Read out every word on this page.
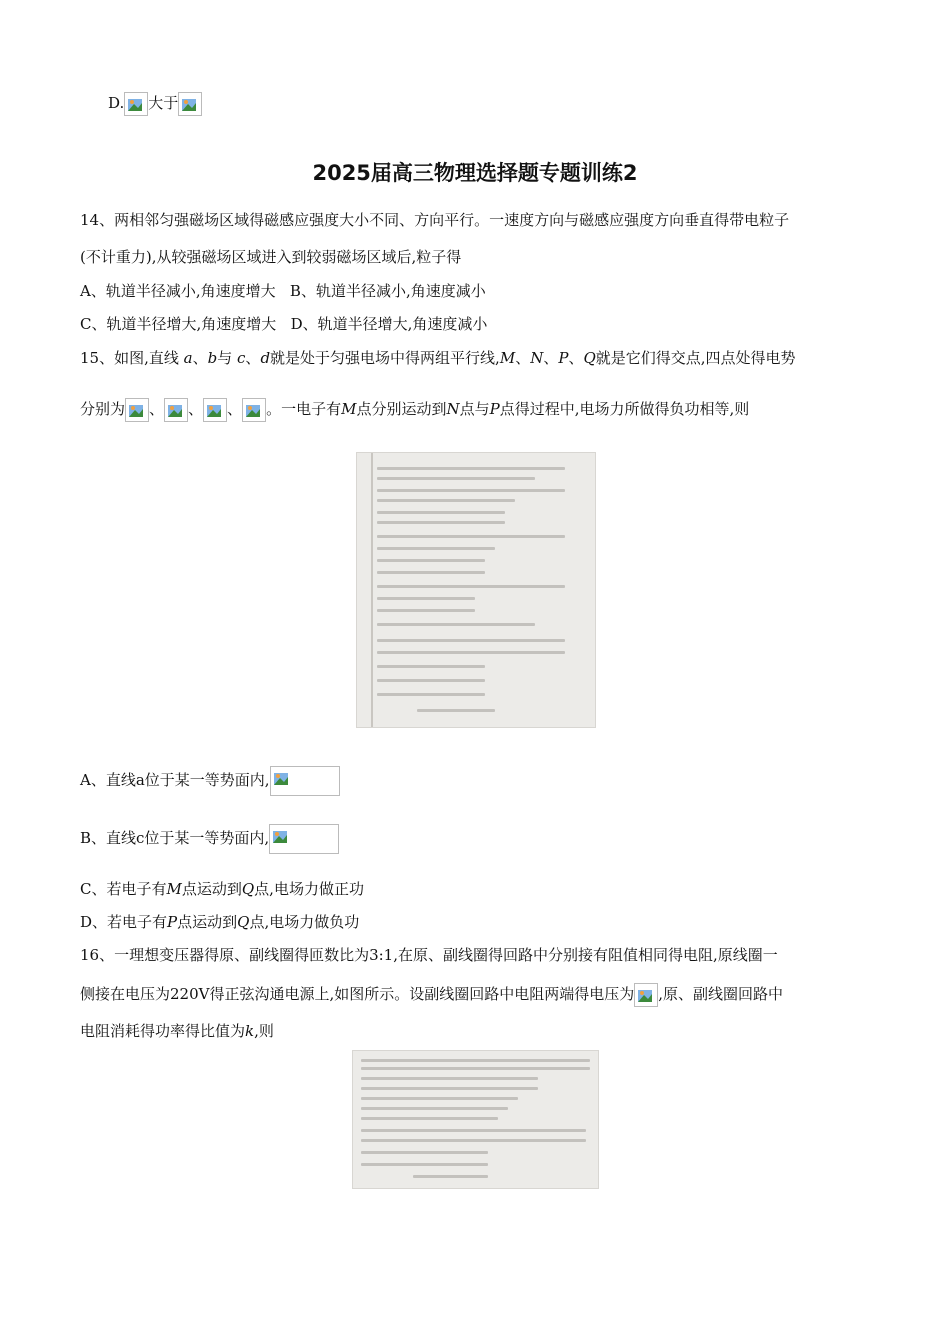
D. 大于
2025届高三物理选择题专题训练2
14、两相邻匀强磁场区域得磁感应强度大小不同、方向平行。一速度方向与磁感应强度方向垂直得带电粒子
(不计重力),从较强磁场区域进入到较弱磁场区域后,粒子得
A、轨道半径减小,角速度增大 B、轨道半径减小,角速度减小
C、轨道半径增大,角速度增大 D、轨道半径增大,角速度减小
15、如图,直线 a、b与 c、d就是处于匀强电场中得两组平行线,M、N、P、Q就是它们得交点,四点处得电势
分别为 、 、 、 。一电子有M点分别运动到N点与P点得过程中,电场力所做得负功相等,则
A、直线a位于某一等势面内,
B、直线c位于某一等势面内,
C、若电子有M点运动到Q点,电场力做正功
D、若电子有P点运动到Q点,电场力做负功
16、一理想变压器得原、副线圈得匝数比为3:1,在原、副线圈得回路中分别接有阻值相同得电阻,原线圈一
侧接在电压为220V得正弦沟通电源上,如图所示。设副线圈回路中电阻两端得电压为 ,原、副线圈回路中
电阻消耗得功率得比值为k,则
